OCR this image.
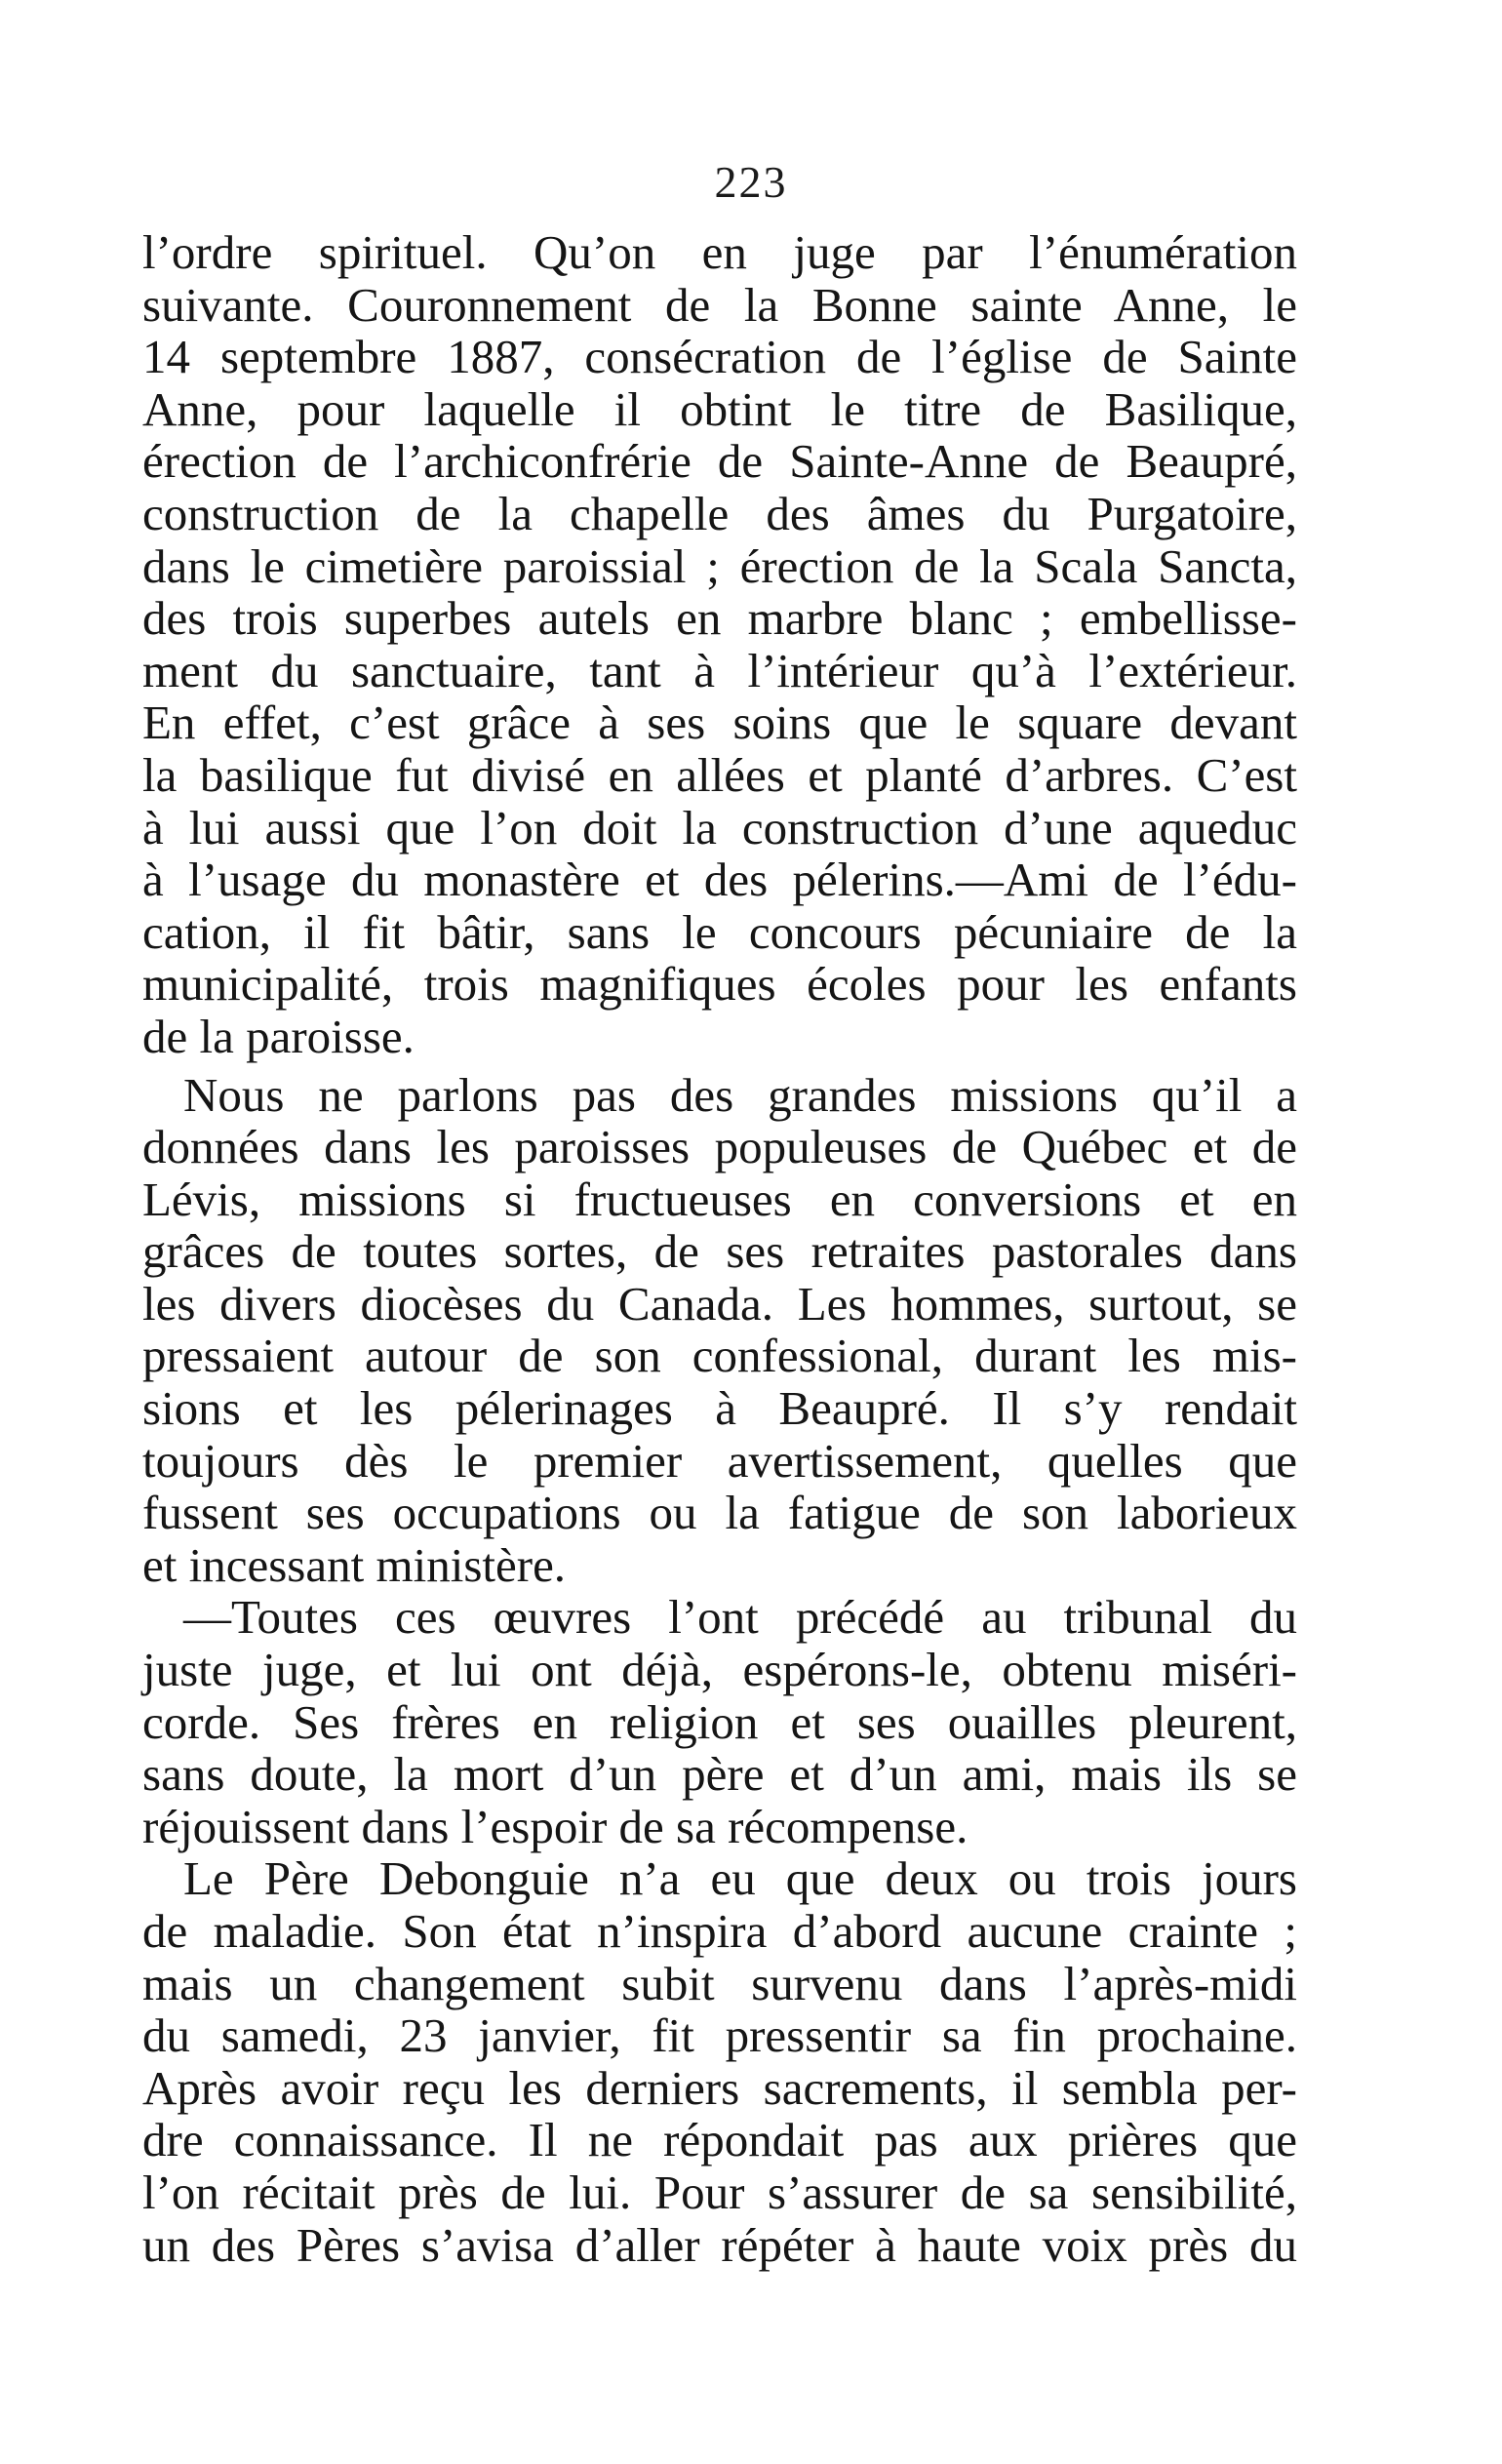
223
l’ordre spirituel. Qu’on en juge par l’énumération
suivante. Couronnement de la Bonne sainte Anne, le
14 septembre 1887, consécration de l’église de Sainte
Anne, pour laquelle il obtint le titre de Basilique,
érection de l’archiconfrérie de Sainte-Anne de Beaupré,
construction de la chapelle des âmes du Purgatoire,
dans le cimetière paroissial ; érection de la Scala Sancta,
des trois superbes autels en marbre blanc ; embellisse-
ment du sanctuaire, tant à l’intérieur qu’à l’extérieur.
En effet, c’est grâce à ses soins que le square devant
la basilique fut divisé en allées et planté d’arbres. C’est
à lui aussi que l’on doit la construction d’une aqueduc
à l’usage du monastère et des pélerins.—Ami de l’édu-
cation, il fit bâtir, sans le concours pécuniaire de la
municipalité, trois magnifiques écoles pour les enfants
de la paroisse.
Nous ne parlons pas des grandes missions qu’il a
données dans les paroisses populeuses de Québec et de
Lévis, missions si fructueuses en conversions et en
grâces de toutes sortes, de ses retraites pastorales dans
les divers diocèses du Canada. Les hommes, surtout, se
pressaient autour de son confessional, durant les mis-
sions et les pélerinages à Beaupré. Il s’y rendait
toujours dès le premier avertissement, quelles que
fussent ses occupations ou la fatigue de son laborieux
et incessant ministère.
—Toutes ces œuvres l’ont précédé au tribunal du
juste juge, et lui ont déjà, espérons-le, obtenu miséri-
corde. Ses frères en religion et ses ouailles pleurent,
sans doute, la mort d’un père et d’un ami, mais ils se
réjouissent dans l’espoir de sa récompense.
Le Père Debonguie n’a eu que deux ou trois jours
de maladie. Son état n’inspira d’abord aucune crainte ;
mais un changement subit survenu dans l’après-midi
du samedi, 23 janvier, fit pressentir sa fin prochaine.
Après avoir reçu les derniers sacrements, il sembla per-
dre connaissance. Il ne répondait pas aux prières que
l’on récitait près de lui. Pour s’assurer de sa sensibilité,
un des Pères s’avisa d’aller répéter à haute voix près du
